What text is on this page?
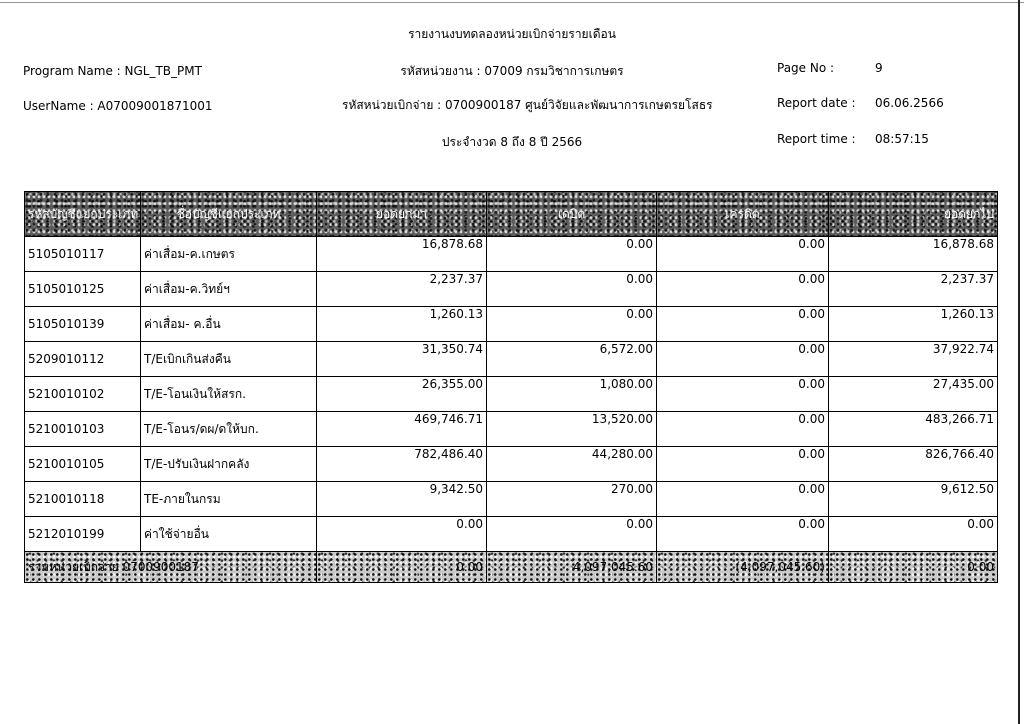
รายงานงบทดลองหน่วยเบิกจ่ายรายเดือน
Program Name : NGL_TB_PMT	รหัสหน่วยงาน : 07009 กรมวิชาการเกษตร	Page No :	9
UserName : A07009001871001	รหัสหน่วยเบิกจ่าย : 0700900187 ศูนย์วิจัยและพัฒนาการเกษตรยโสธร	Report date : 06.06.2566
ประจำงวด 8 ถึง 8 ปี 2566	Report time : 08:57:15
รหัสบัญชีแยกประเภท	ชื่อบัญชีแยกประเภท	ยอดยกมา	เดบิต	เครดิต	ยอดยกไป
5105010117	ค่าเสื่อม-ค.เกษตร	16,878.68	0.00	0.00	16,878.68
5105010125	ค่าเสื่อม-ค.วิทย์ฯ	2,237.37	0.00	0.00	2,237.37
5105010139	ค่าเสื่อม- ค.อื่น	1,260.13	0.00	0.00	1,260.13
5209010112	T/Eเบิกเกินส่งคืน	31,350.74	6,572.00	0.00	37,922.74
5210010102	T/E-โอนเงินให้สรก.	26,355.00	1,080.00	0.00	27,435.00
5210010103	T/E-โอนร/ดผ/ดให้บก.	469,746.71	13,520.00	0.00	483,266.71
5210010105	T/E-ปรับเงินฝากคลัง	782,486.40	44,280.00	0.00	826,766.40
5210010118	TE-ภายในกรม	9,342.50	270.00	0.00	9,612.50
5212010199	ค่าใช้จ่ายอื่น	0.00	0.00	0.00	0.00
รวมหน่วยเบิกจ่าย 0700900187		0.00	4,097,045.60	(4,097,045.60)	0.00
